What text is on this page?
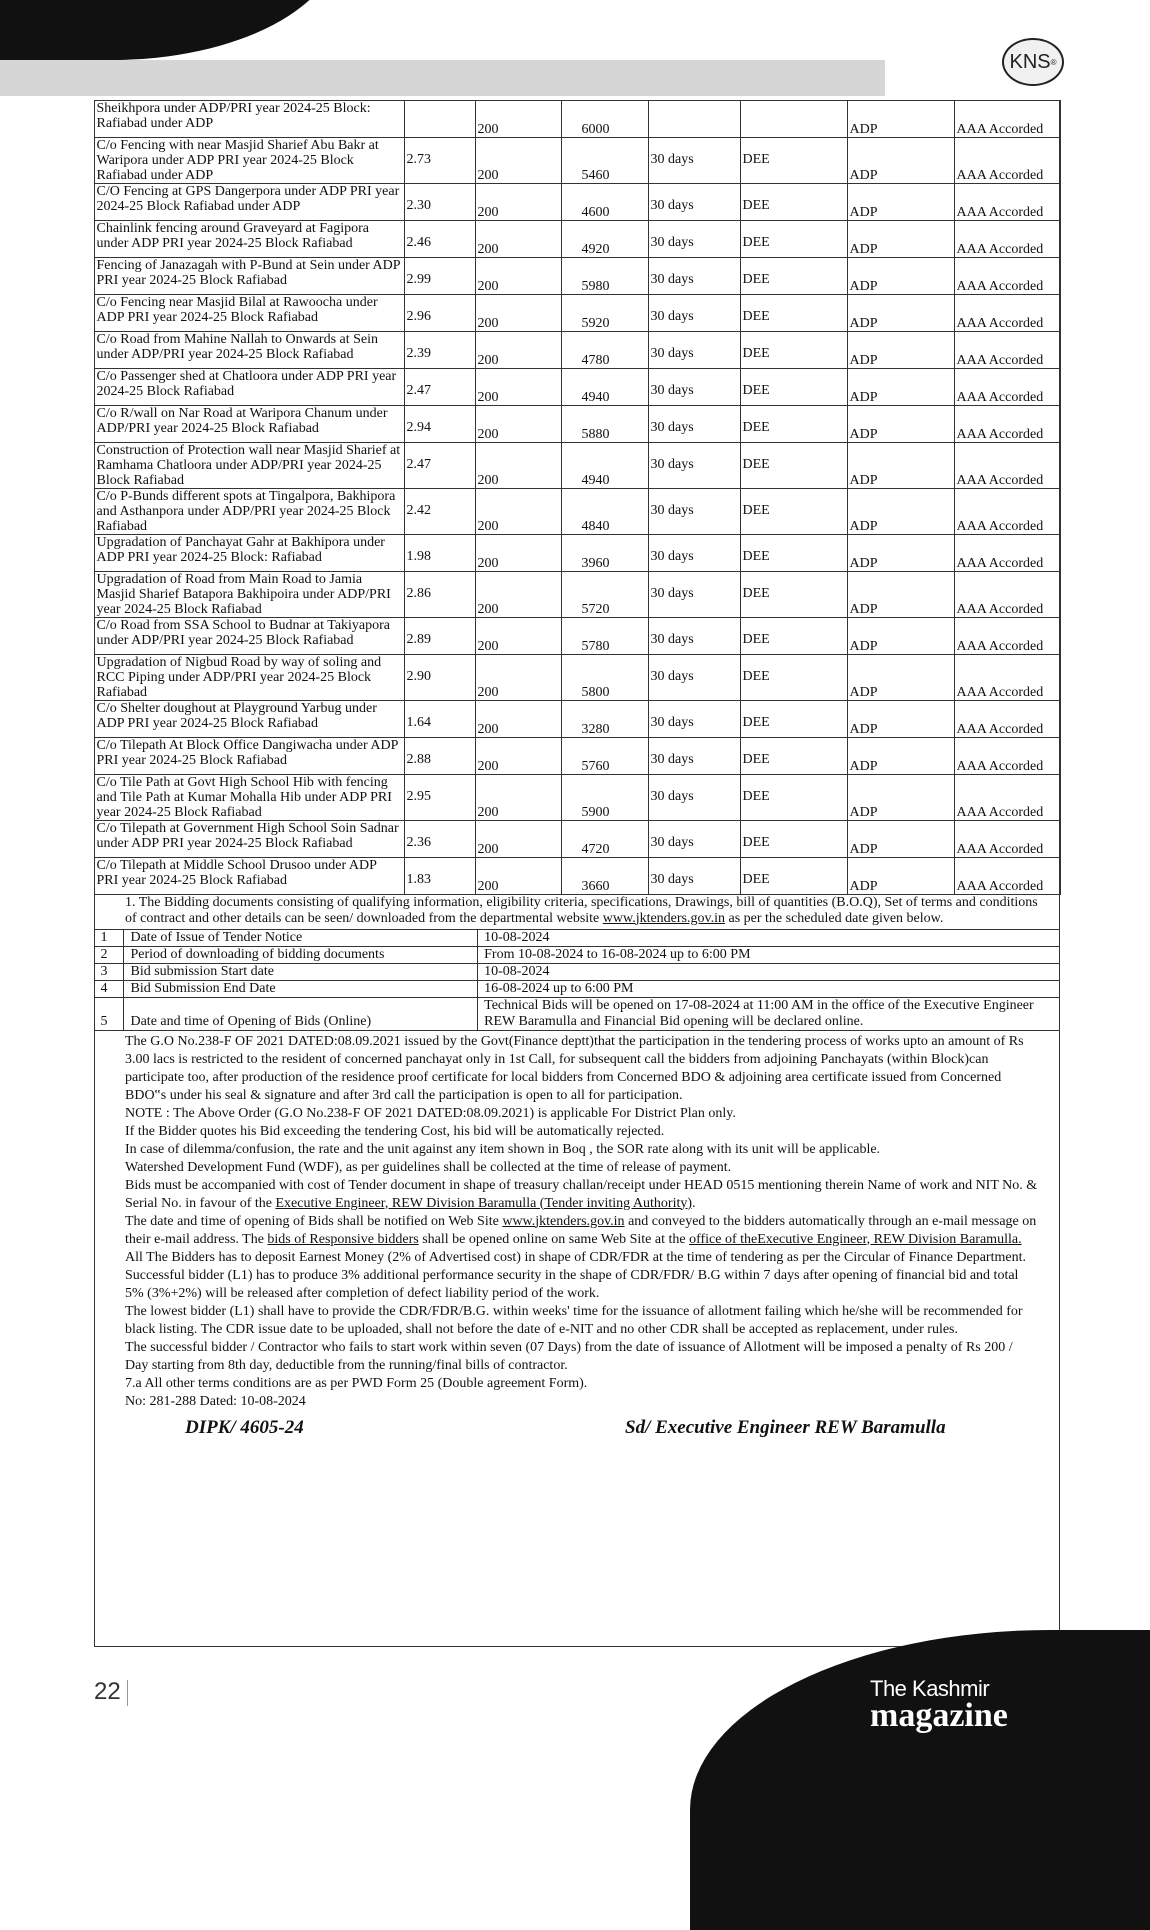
KNS ®
Sheikhpora under ADP/PRI year 2024-25 Block: Rafiabad under ADP		200	6000			ADP	AAA Accorded
C/o Fencing with near Masjid Sharief Abu Bakr at Waripora under ADP PRI year 2024-25 Block Rafiabad under ADP	2.73	200	5460	30 days	DEE	ADP	AAA Accorded
C/O Fencing at GPS Dangerpora under ADP PRI year 2024-25 Block Rafiabad under ADP	2.30	200	4600	30 days	DEE	ADP	AAA Accorded
Chainlink fencing around Graveyard at Fagipora under ADP PRI year 2024-25 Block Rafiabad	2.46	200	4920	30 days	DEE	ADP	AAA Accorded
Fencing of Janazagah with P-Bund at Sein under ADP PRI year 2024-25 Block Rafiabad	2.99	200	5980	30 days	DEE	ADP	AAA Accorded
C/o Fencing near Masjid Bilal at Rawoocha under ADP PRI year 2024-25 Block Rafiabad	2.96	200	5920	30 days	DEE	ADP	AAA Accorded
C/o Road from Mahine Nallah to Onwards at Sein under ADP/PRI year 2024-25 Block Rafiabad	2.39	200	4780	30 days	DEE	ADP	AAA Accorded
C/o Passenger shed at Chatloora under ADP PRI year 2024-25 Block Rafiabad	2.47	200	4940	30 days	DEE	ADP	AAA Accorded
C/o R/wall on Nar Road at Waripora Chanum under ADP/PRI year 2024-25 Block Rafiabad	2.94	200	5880	30 days	DEE	ADP	AAA Accorded
Construction of Protection wall near Masjid Sharief at Ramhama Chatloora under ADP/PRI year 2024-25 Block Rafiabad	2.47	200	4940	30 days	DEE	ADP	AAA Accorded
C/o P-Bunds different spots at Tingalpora, Bakhipora and Asthanpora under ADP/PRI year 2024-25 Block Rafiabad	2.42	200	4840	30 days	DEE	ADP	AAA Accorded
Upgradation of Panchayat Gahr at Bakhipora under ADP PRI year 2024-25 Block: Rafiabad	1.98	200	3960	30 days	DEE	ADP	AAA Accorded
Upgradation of Road from Main Road to Jamia Masjid Sharief Batapora Bakhipoira under ADP/PRI year 2024-25 Block Rafiabad	2.86	200	5720	30 days	DEE	ADP	AAA Accorded
C/o Road from SSA School to Budnar at Takiyapora under ADP/PRI year 2024-25 Block Rafiabad	2.89	200	5780	30 days	DEE	ADP	AAA Accorded
Upgradation of Nigbud Road by way of soling and RCC Piping under ADP/PRI year 2024-25 Block Rafiabad	2.90	200	5800	30 days	DEE	ADP	AAA Accorded
C/o Shelter doughout at Playground Yarbug under ADP PRI year 2024-25 Block Rafiabad	1.64	200	3280	30 days	DEE	ADP	AAA Accorded
C/o Tilepath At Block Office Dangiwacha under ADP PRI year 2024-25 Block Rafiabad	2.88	200	5760	30 days	DEE	ADP	AAA Accorded
C/o Tile Path at Govt High School Hib with fencing and Tile Path at Kumar Mohalla Hib under ADP PRI year 2024-25 Block Rafiabad	2.95	200	5900	30 days	DEE	ADP	AAA Accorded
C/o Tilepath at Government High School Soin Sadnar under ADP PRI year 2024-25 Block Rafiabad	2.36	200	4720	30 days	DEE	ADP	AAA Accorded
C/o Tilepath at Middle School Drusoo under ADP PRI year 2024-25 Block Rafiabad	1.83	200	3660	30 days	DEE	ADP	AAA Accorded
1. The Bidding documents consisting of qualifying information, eligibility criteria, specifications, Drawings, bill of quantities (B.O.Q), Set of terms and conditions of contract and other details can be seen/ downloaded from the departmental website www.jktenders.gov.in as per the scheduled date given below.
1	Date of Issue of Tender Notice	10-08-2024
2	Period of downloading of bidding documents	From 10-08-2024 to 16-08-2024 up to 6:00 PM
3	Bid submission Start date	10-08-2024
4	Bid Submission End Date	16-08-2024 up to 6:00 PM
5	Date and time of Opening of Bids (Online)	Technical Bids will be opened on 17-08-2024 at 11:00 AM in the office of the Executive Engineer REW Baramulla and Financial Bid opening will be declared online.

The G.O No.238-F OF 2021 DATED:08.09.2021 issued by the Govt(Finance deptt)that the participation in the tendering process of works upto an amount of Rs 3.00 lacs is restricted to the resident of concerned panchayat only in 1st Call, for subsequent call the bidders from adjoining Panchayats (within Block)can participate too, after production of the residence proof certificate for local bidders from Concerned BDO & adjoining area certificate issued from Concerned BDO‟s under his seal & signature and after 3rd call the participation is open to all for participation.

NOTE : The Above Order (G.O No.238-F OF 2021 DATED:08.09.2021) is applicable For District Plan only.

If the Bidder quotes his Bid exceeding the tendering Cost, his bid will be automatically rejected.

In case of dilemma/confusion, the rate and the unit against any item shown in Boq , the SOR rate along with its unit will be applicable.

Watershed Development Fund (WDF), as per guidelines shall be collected at the time of release of payment.

Bids must be accompanied with cost of Tender document in shape of treasury challan/receipt under HEAD 0515 mentioning therein Name of work and NIT No. & Serial No. in favour of the Executive Engineer, REW Division Baramulla (Tender inviting Authority).

The date and time of opening of Bids shall be notified on Web Site www.jktenders.gov.in and conveyed to the bidders automatically through an e-mail message on their e-mail address. The bids of Responsive bidders shall be opened online on same Web Site at the office of theExecutive Engineer, REW Division Baramulla.

All The Bidders has to deposit Earnest Money (2% of Advertised cost) in shape of CDR/FDR at the time of tendering as per the Circular of Finance Department.

Successful bidder (L1) has to produce 3% additional performance security in the shape of CDR/FDR/ B.G within 7 days after opening of financial bid and total 5% (3%+2%) will be released after completion of defect liability period of the work.

The lowest bidder (L1) shall have to provide the CDR/FDR/B.G. within weeks' time for the issuance of allotment failing which he/she will be recommended for black listing. The CDR issue date to be uploaded, shall not before the date of e-NIT and no other CDR shall be accepted as replacement, under rules.

The successful bidder / Contractor who fails to start work within seven (07 Days) from the date of issuance of Allotment will be imposed a penalty of Rs 200 / Day starting from 8th day, deductible from the running/final bills of contractor.

7.a All other terms conditions are as per PWD Form 25 (Double agreement Form).

No: 281-288 Dated: 10-08-2024

DIPK/ 4605-24	Sd/ Executive Engineer REW Baramulla
22	The Kashmir
magazine
